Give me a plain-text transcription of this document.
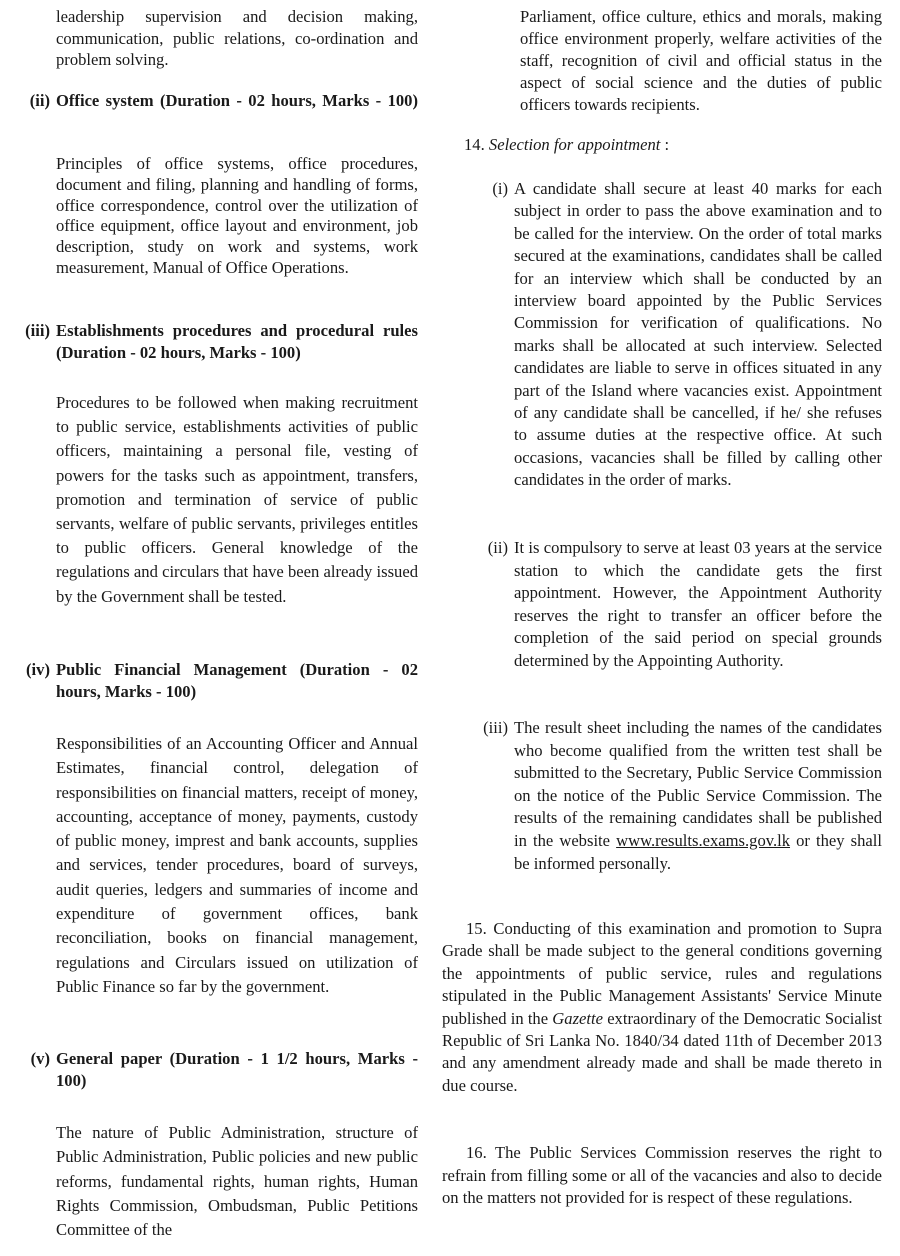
leadership supervision and decision making, communication, public relations, co-ordination and problem solving.

(ii) Office system (Duration - 02 hours, Marks - 100)

Principles of office systems, office procedures, document and filing, planning and handling of forms, office correspondence, control over the utilization of office equipment, office layout and environment, job description, study on work and systems, work measurement, Manual of Office Operations.

(iii) Establishments procedures and procedural rules (Duration - 02 hours, Marks - 100)

Procedures to be followed when making recruitment to public service, establishments activities of public officers, maintaining a personal file, vesting of powers for the tasks such as appointment, transfers, promotion and termination of service of public servants, welfare of public servants, privileges entitles to public officers. General knowledge of the regulations and circulars that have been already issued by the Government shall be tested.

(iv) Public Financial Management (Duration - 02 hours, Marks - 100)

Responsibilities of an Accounting Officer and Annual Estimates, financial control, delegation of responsibilities on financial matters, receipt of money, accounting, acceptance of money, payments, custody of public money, imprest and bank accounts, supplies and services, tender procedures, board of surveys, audit queries, ledgers and summaries of income and expenditure of government offices, bank reconciliation, books on financial management, regulations and Circulars issued on utilization of Public Finance so far by the government.

(v) General paper (Duration - 1 1/2 hours, Marks - 100)

The nature of Public Administration, structure of Public Administration, Public policies and new public reforms, fundamental rights, human rights, Human Rights Commission, Ombudsman, Public Petitions Committee of the

Parliament, office culture, ethics and morals, making office environment properly, welfare activities of the staff, recognition of civil and official status in the aspect of social science and the duties of public officers towards recipients.

14. Selection for appointment :
(i) A candidate shall secure at least 40 marks for each subject in order to pass the above examination and to be called for the interview. On the order of total marks secured at the examinations, candidates shall be called for an interview which shall be conducted by an interview board appointed by the Public Services Commission for verification of qualifications. No marks shall be allocated at such interview. Selected candidates are liable to serve in offices situated in any part of the Island where vacancies exist. Appointment of any candidate shall be cancelled, if he/ she refuses to assume duties at the respective office. At such occasions, vacancies shall be filled by calling other candidates in the order of marks.

(ii) It is compulsory to serve at least 03 years at the service station to which the candidate gets the first appointment. However, the Appointment Authority reserves the right to transfer an officer before the completion of the said period on special grounds determined by the Appointing Authority.

(iii) The result sheet including the names of the candidates who become qualified from the written test shall be submitted to the Secretary, Public Service Commission on the notice of the Public Service Commission. The results of the remaining candidates shall be published in the website www.results.exams.gov.lk or they shall be informed personally.

15. Conducting of this examination and promotion to Supra Grade shall be made subject to the general conditions governing the appointments of public service, rules and regulations stipulated in the Public Management Assistants' Service Minute published in the Gazette extraordinary of the Democratic Socialist Republic of Sri Lanka No. 1840/34 dated 11th of December 2013 and any amendment already made and shall be made thereto in due course.

16. The Public Services Commission reserves the right to refrain from filling some or all of the vacancies and also to decide on the matters not provided for is respect of these regulations.
